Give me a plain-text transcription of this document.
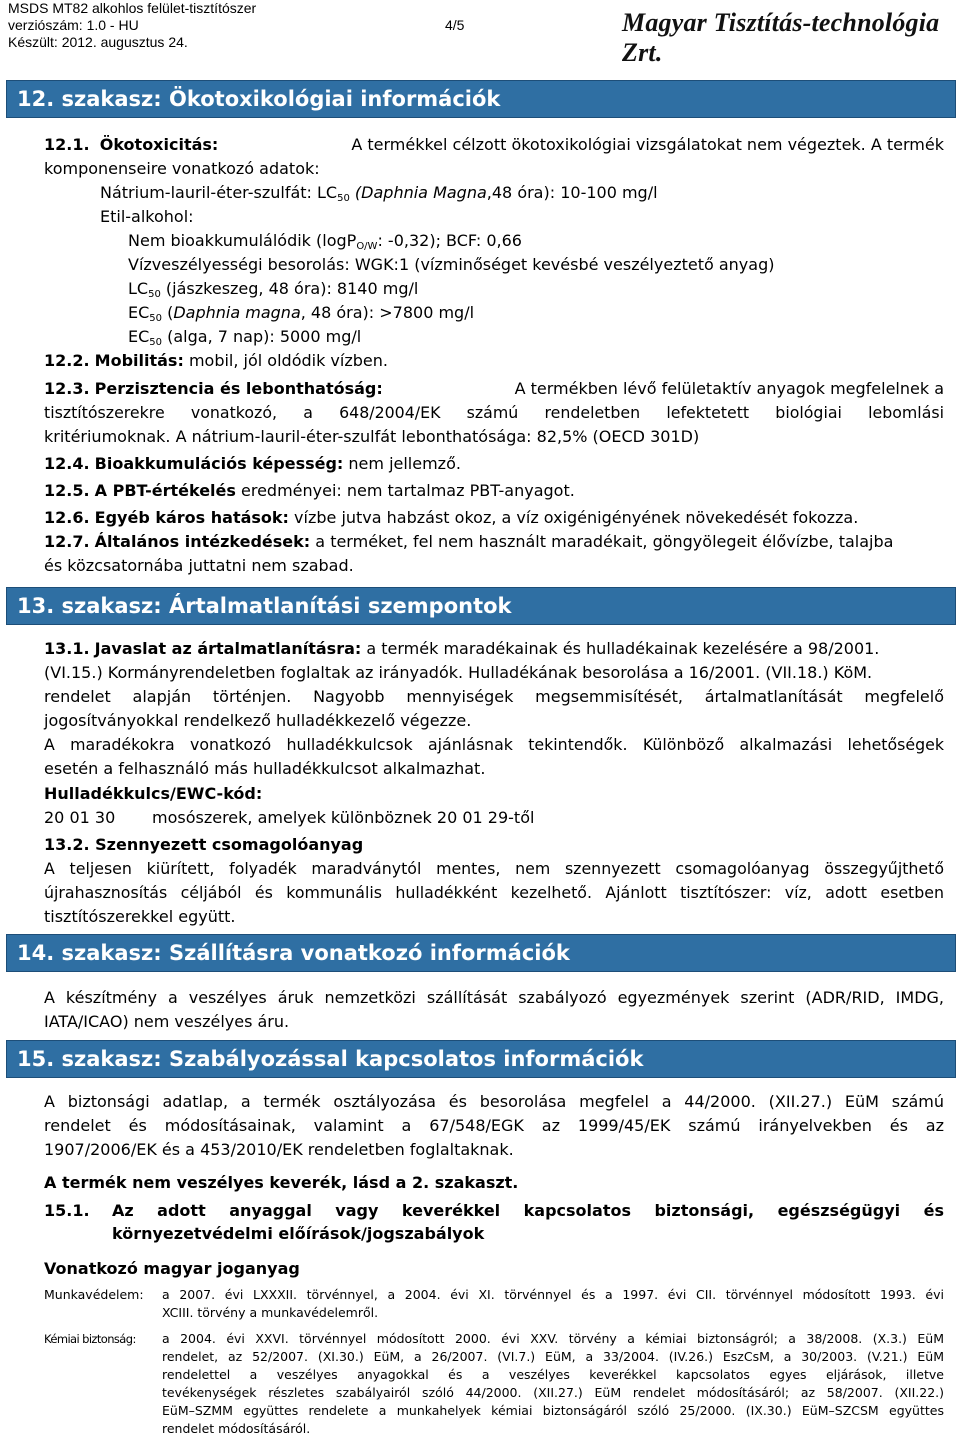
MSDS MT82 alkohlos felület-tisztítószer
verziószám: 1.0 - HU
Készült: 2012. augusztus 24.
4/5	Magyar Tisztítás-technológia Zrt.
12. szakasz: Ökotoxikológiai információk
12.1. Ökotoxicitás:	A termékkel célzott ökotoxikológiai vizsgálatokat nem végeztek. A termék
komponenseire vonatkozó adatok:
Nátrium-lauril-éter-szulfát: $LC_{50}$ (Daphnia Magna,48 óra): 10-100 mg/l
Etil-alkohol:
Nem bioakkumulálódik (logP$_{O/W}$: -0,32); BCF: 0,66
Vízveszélyességi besorolás: WGK:1 (vízminőséget kevésbé veszélyeztető anyag)
$LC_{50}$ (jászkeszeg, 48 óra): 8140 mg/l
$EC_{50}$ (Daphnia magna, 48 óra): >7800 mg/l
$EC_{50}$ (alga, 7 nap): 5000 mg/l
12.2. Mobilitás: mobil, jól oldódik vízben.
12.3. Perzisztencia és lebonthatóság:	A termékben lévő felületaktív anyagok megfelelnek a
tisztítószerekre vonatkozó, a 648/2004/EK számú rendeletben lefektetett biológiai lebomlási
kritériumoknak. A nátrium-lauril-éter-szulfát lebonthatósága: 82,5% (OECD 301D)
12.4. Bioakkumulációs képesség: nem jellemző.
12.5. A PBT-értékelés eredményei: nem tartalmaz PBT-anyagot.
12.6. Egyéb káros hatások: vízbe jutva habzást okoz, a víz oxigénigényének növekedését fokozza.
12.7. Általános intézkedések: a terméket, fel nem használt maradékait, göngyölegeit élővízbe, talajba
és közcsatornába juttatni nem szabad.
13. szakasz: Ártalmatlanítási szempontok
13.1. Javaslat az ártalmatlanításra: a termék maradékainak és hulladékainak kezelésére a 98/2001.
(VI.15.) Kormányrendeletben foglaltak az irányadók. Hulladékának besorolása a 16/2001. (VII.18.) KöM.
rendelet alapján történjen. Nagyobb mennyiségek megsemmisítését, ártalmatlanítását megfelelő
jogosítványokkal rendelkező hulladékkezelő végezze.
A maradékokra vonatkozó hulladékkulcsok ajánlásnak tekintendők. Különböző alkalmazási lehetőségek
esetén a felhasználó más hulladékkulcsot alkalmazhat.
Hulladékkulcs/EWC-kód:
20 01 30 mosószerek, amelyek különböznek 20 01 29-től
13.2. Szennyezett csomagolóanyag
A teljesen kiürített, folyadék maradványtól mentes, nem szennyezett csomagolóanyag összegyűjthető
újrahasznosítás céljából és kommunális hulladékként kezelhető. Ajánlott tisztítószer: víz, adott esetben
tisztítószerekkel együtt.
14. szakasz: Szállításra vonatkozó információk
A készítmény a veszélyes áruk nemzetközi szállítását szabályozó egyezmények szerint (ADR/RID, IMDG,
IATA/ICAO) nem veszélyes áru.
15. szakasz: Szabályozással kapcsolatos információk
A biztonsági adatlap, a termék osztályozása és besorolása megfelel a 44/2000. (XII.27.) EüM számú
rendelet és módosításainak, valamint a 67/548/EGK az 1999/45/EK számú irányelvekben és az
1907/2006/EK és a 453/2010/EK rendeletben foglaltaknak.
A termék nem veszélyes keverék, lásd a 2. szakaszt.
15.1. Az adott anyaggal vagy keverékkel kapcsolatos biztonsági, egészségügyi és
környezetvédelmi előírások/jogszabályok
Vonatkozó magyar joganyag
Munkavédelem: a 2007. évi LXXXII. törvénnyel, a 2004. évi XI. törvénnyel és a 1997. évi CII. törvénnyel módosított 1993. évi
XCIII. törvény a munkavédelemről.
Kémiai biztonság: a 2004. évi XXVI. törvénnyel módosított 2000. évi XXV. törvény a kémiai biztonságról; a 38/2008. (X.3.) EüM
rendelet, az 52/2007. (XI.30.) EüM, a 26/2007. (VI.7.) EüM, a 33/2004. (IV.26.) EszCsM, a 30/2003. (V.21.) EüM
rendelettel a veszélyes anyagokkal és a veszélyes keverékkel kapcsolatos egyes eljárások, illetve
tevékenységek részletes szabályairól szóló 44/2000. (XII.27.) EüM rendelet módosításáról; az 58/2007. (XII.22.)
EüM–SZMM együttes rendelete a munkahelyek kémiai biztonságáról szóló 25/2000. (IX.30.) EüM–SZCSM együttes
rendelet módosításáról.
